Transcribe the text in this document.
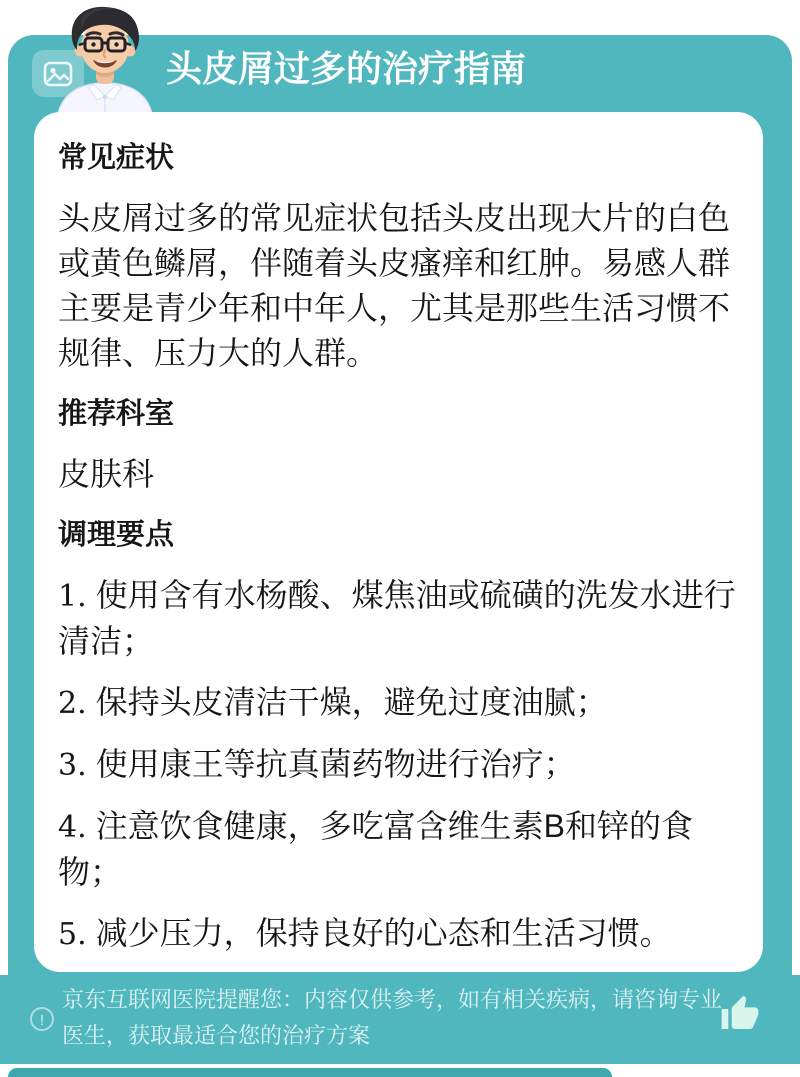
头皮屑过多的治疗指南
常见症状

头皮屑过多的常见症状包括头皮出现大片的白色或黄色鳞屑，伴随着头皮瘙痒和红肿。易感人群主要是青少年和中年人，尤其是那些生活习惯不规律、压力大的人群。

推荐科室

皮肤科

调理要点

1. 使用含有水杨酸、煤焦油或硫磺的洗发水进行清洁；

2. 保持头皮清洁干燥，避免过度油腻；

3. 使用康王等抗真菌药物进行治疗；

4. 注意饮食健康，多吃富含维生素B和锌的食物；

5. 减少压力，保持良好的心态和生活习惯。

!
京东互联网医院提醒您：内容仅供参考，如有相关疾病，请咨询专业
医生，获取最适合您的治疗方案
